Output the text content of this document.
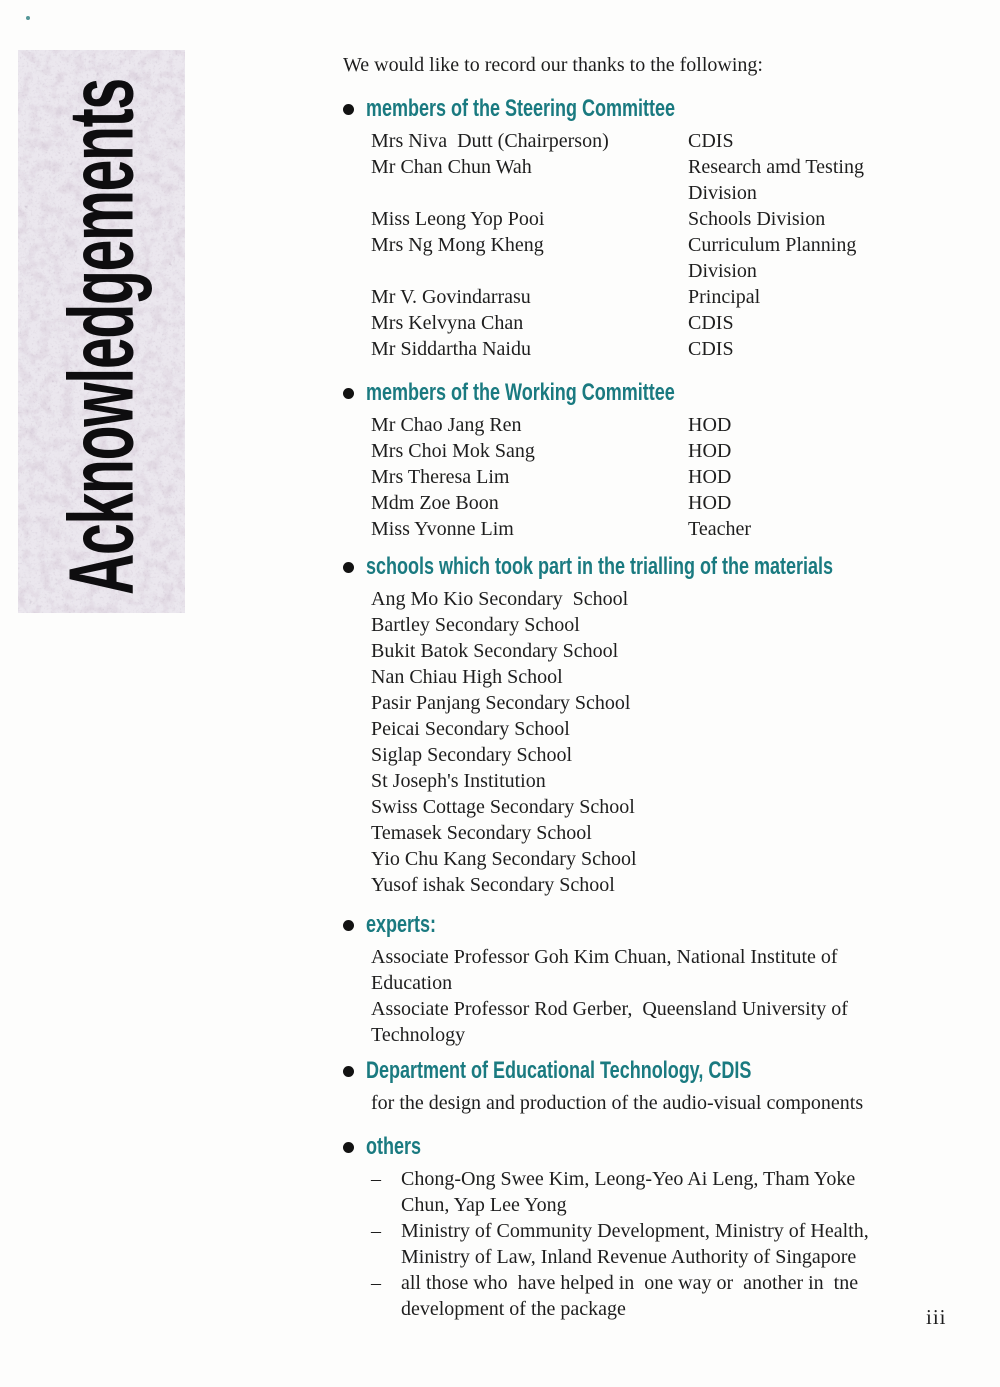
Acknowledgements

We would like to record our thanks to the following:

members of the Steering Committee
Mrs Niva  Dutt (Chairperson)	CDIS
Mr Chan Chun Wah	Research amd Testing Division
Miss Leong Yop Pooi	Schools Division
Mrs Ng Mong Kheng	Curriculum Planning Division
Mr V. Govindarrasu	Principal
Mrs Kelvyna Chan	CDIS
Mr Siddartha Naidu	CDIS
members of the Working Committee
Mr Chao Jang Ren	HOD
Mrs Choi Mok Sang	HOD
Mrs Theresa Lim	HOD
Mdm Zoe Boon	HOD
Miss Yvonne Lim	Teacher
schools which took part in the trialling of the materials
Ang Mo Kio Secondary  School
Bartley Secondary School
Bukit Batok Secondary School
Nan Chiau High School
Pasir Panjang Secondary School
Peicai Secondary School
Siglap Secondary School
St Joseph's Institution
Swiss Cottage Secondary School
Temasek Secondary School
Yio Chu Kang Secondary School
Yusof ishak Secondary School
experts:
Associate Professor Goh Kim Chuan, National Institute of
Education
Associate Professor Rod Gerber,  Queensland University of
Technology
Department of Educational Technology, CDIS
for the design and production of the audio-visual components
others
–	Chong-Ong Swee Kim, Leong-Yeo Ai Leng, Tham Yoke
Chun, Yap Lee Yong
–	Ministry of Community Development, Ministry of Health,
Ministry of Law, Inland Revenue Authority of Singapore
–	all those who  have helped in  one way or  another in  tne
development of the package	iii
